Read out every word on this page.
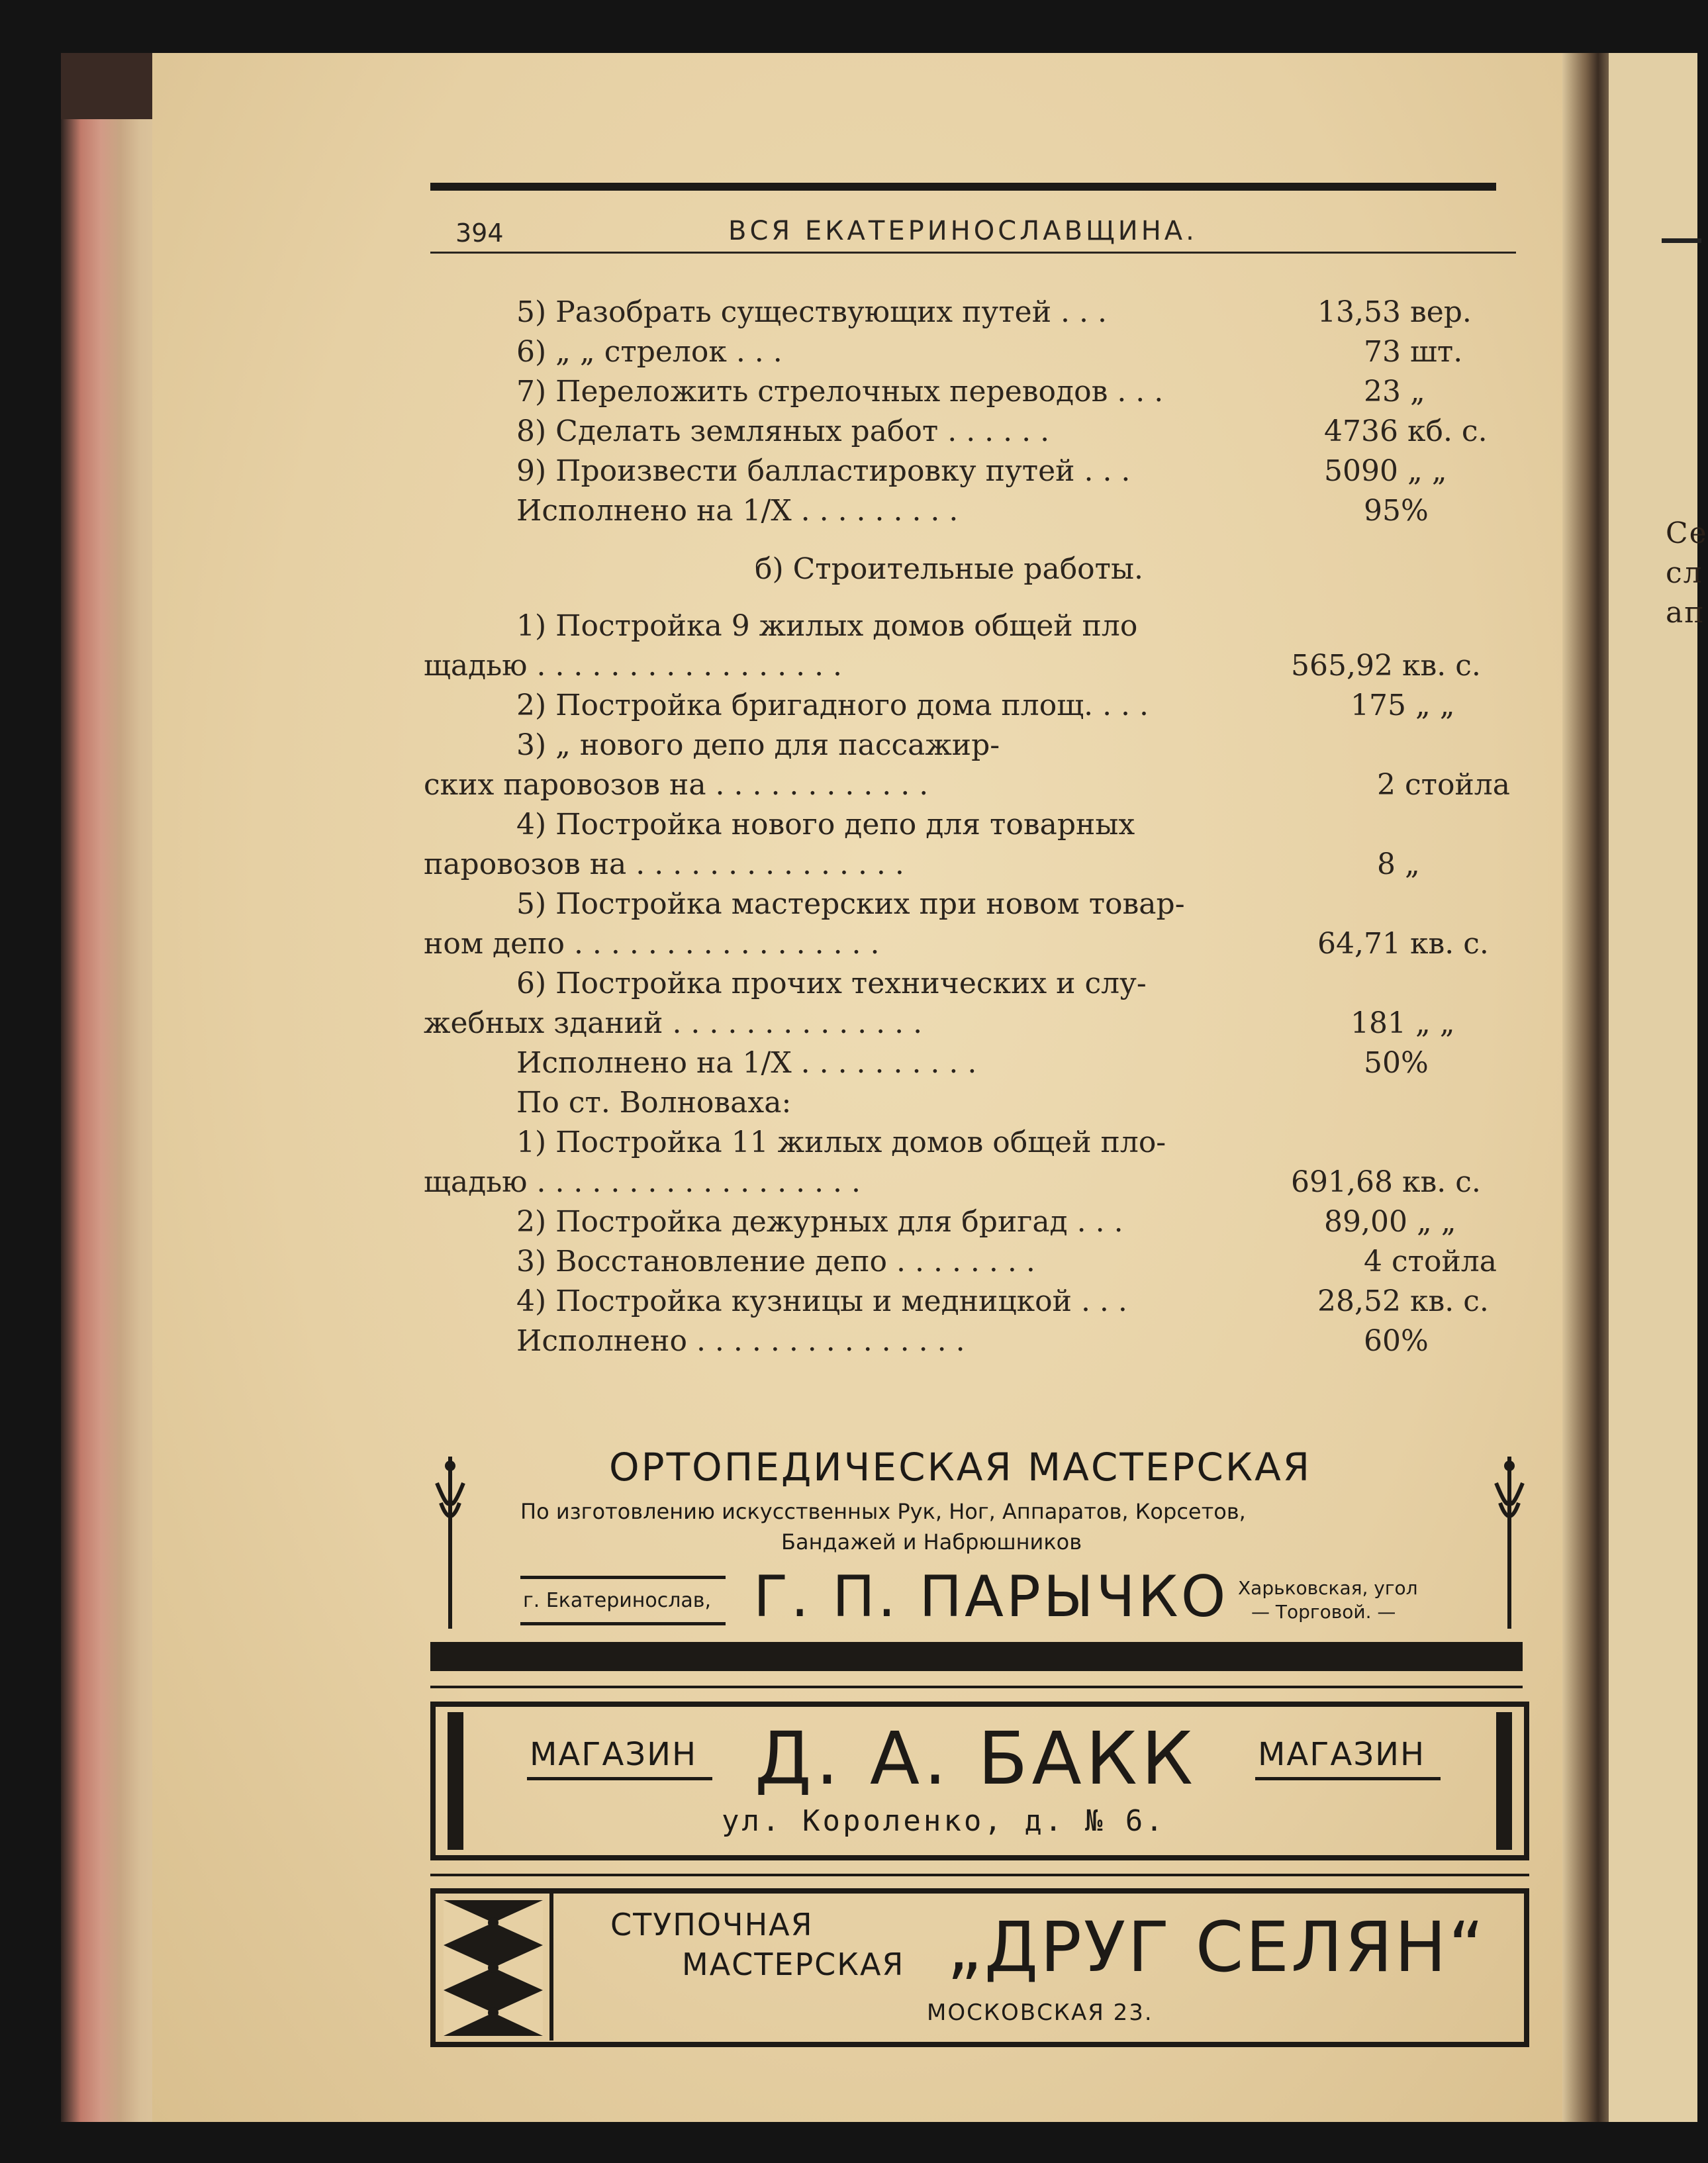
Се
сл
ап
394	ВСЯ ЕКАТЕРИНОСЛАВЩИНА.
5) Разобрать существующих путей . . .	13,53 вер.
6) „ „ стрелок . . .	73 шт.
7) Переложить стрелочных переводов . . .	23 „
8) Сделать земляных работ . . . . . .	4736 кб. с.
9) Произвести балластировку путей . . .	5090 „ „
Исполнено на 1/X . . . . . . . . .	95%
б) Строительные работы.
1) Постройка 9 жилых домов общей пло
щадью . . . . . . . . . . . . . . . . .	565,92 кв. с.
2) Постройка бригадного дома площ. . . .	175 „ „
3) „ нового депо для пассажир-
ских паровозов на . . . . . . . . . . . .	2 стойла
4) Постройка нового депо для товарных
паровозов на . . . . . . . . . . . . . . .	8 „
5) Постройка мастерских при новом товар-
ном депо . . . . . . . . . . . . . . . . .	64,71 кв. с.
6) Постройка прочих технических и слу-
жебных зданий . . . . . . . . . . . . . .	181 „ „
Исполнено на 1/X . . . . . . . . . .	50%
По ст. Волноваха:
1) Постройка 11 жилых домов общей пло-
щадью . . . . . . . . . . . . . . . . . .	691,68 кв. с.
2) Постройка дежурных для бригад . . .	89,00 „ „
3) Восстановление депо . . . . . . . .	4 стойла
4) Постройка кузницы и медницкой . . .	28,52 кв. с.
Исполнено . . . . . . . . . . . . . . .	60%
ОРТОПЕДИЧЕСКАЯ МАСТЕРСКАЯ
По изготовлению искусственных Рук, Ног, Аппаратов, Корсетов,
Бандажей и Набрюшников
г. Екатеринослав, Г. П. ПАРЫЧКО Харьковская, угол
— Торговой. —
МАГАЗИН Д. А. БАКК МАГАЗИН
ул. Короленко, д. № 6.
СТУПОЧНАЯ
МАСТЕРСКАЯ „ДРУГ СЕЛЯН“
МОСКОВСКАЯ 23.
